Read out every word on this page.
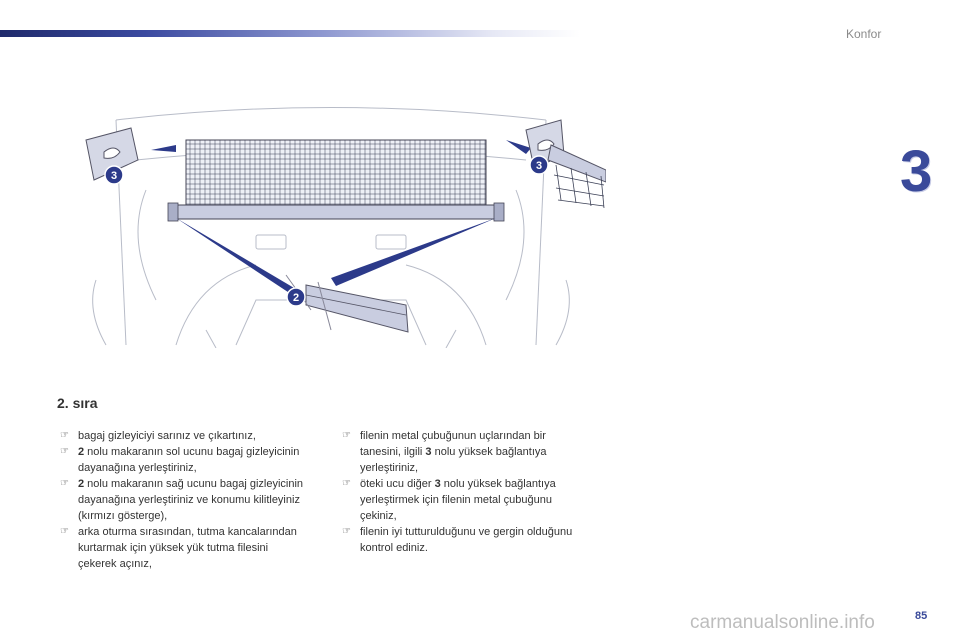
Konfor
3
3
3
2
2. sıra

☞ bagaj gizleyiciyi sarınız ve çıkartınız,

☞ 2 nolu makaranın sol ucunu bagaj gizleyicinin dayanağına yerleştiriniz,

☞ 2 nolu makaranın sağ ucunu bagaj gizleyicinin dayanağına yerleştiriniz ve konumu kilitleyiniz (kırmızı gösterge),

☞ arka oturma sırasından, tutma kancalarından kurtarmak için yüksek yük tutma filesini çekerek açınız,

☞ filenin metal çubuğunun uçlarından bir tanesini, ilgili 3 nolu yüksek bağlantıya yerleştiriniz,

☞ öteki ucu diğer 3 nolu yüksek bağlantıya yerleştirmek için filenin metal çubuğunu çekiniz,

☞ filenin iyi tutturulduğunu ve gergin olduğunu kontrol ediniz.

carmanualsonline.info	85
